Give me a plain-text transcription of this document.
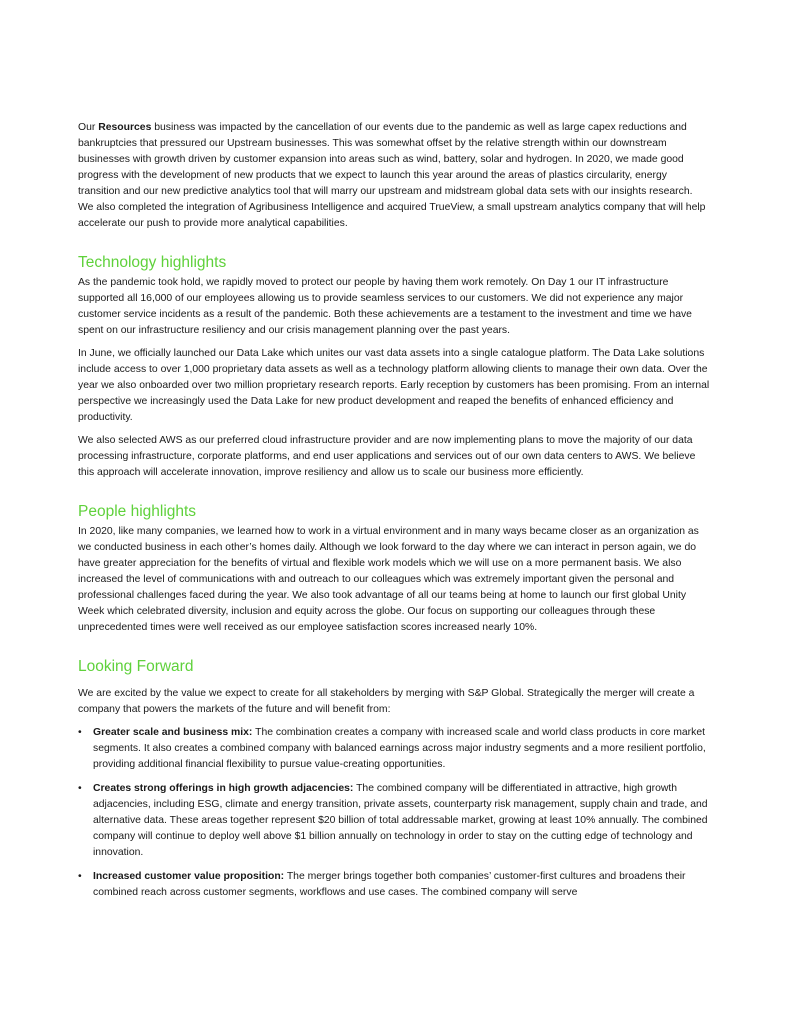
Our Resources business was impacted by the cancellation of our events due to the pandemic as well as large capex reductions and bankruptcies that pressured our Upstream businesses. This was somewhat offset by the relative strength within our downstream businesses with growth driven by customer expansion into areas such as wind, battery, solar and hydrogen. In 2020, we made good progress with the development of new products that we expect to launch this year around the areas of plastics circularity, energy transition and our new predictive analytics tool that will marry our upstream and midstream global data sets with our insights research. We also completed the integration of Agribusiness Intelligence and acquired TrueView, a small upstream analytics company that will help accelerate our push to provide more analytical capabilities.

Technology highlights

As the pandemic took hold, we rapidly moved to protect our people by having them work remotely. On Day 1 our IT infrastructure supported all 16,000 of our employees allowing us to provide seamless services to our customers. We did not experience any major customer service incidents as a result of the pandemic. Both these achievements are a testament to the investment and time we have spent on our infrastructure resiliency and our crisis management planning over the past years.

In June, we officially launched our Data Lake which unites our vast data assets into a single catalogue platform. The Data Lake solutions include access to over 1,000 proprietary data assets as well as a technology platform allowing clients to manage their own data. Over the year we also onboarded over two million proprietary research reports. Early reception by customers has been promising. From an internal perspective we increasingly used the Data Lake for new product development and reaped the benefits of enhanced efficiency and productivity.

We also selected AWS as our preferred cloud infrastructure provider and are now implementing plans to move the majority of our data processing infrastructure, corporate platforms, and end user applications and services out of our own data centers to AWS. We believe this approach will accelerate innovation, improve resiliency and allow us to scale our business more efficiently.

People highlights

In 2020, like many companies, we learned how to work in a virtual environment and in many ways became closer as an organization as we conducted business in each other’s homes daily. Although we look forward to the day where we can interact in person again, we do have greater appreciation for the benefits of virtual and flexible work models which we will use on a more permanent basis. We also increased the level of communications with and outreach to our colleagues which was extremely important given the personal and professional challenges faced during the year. We also took advantage of all our teams being at home to launch our first global Unity Week which celebrated diversity, inclusion and equity across the globe. Our focus on supporting our colleagues through these unprecedented times were well received as our employee satisfaction scores increased nearly 10%.

Looking Forward

We are excited by the value we expect to create for all stakeholders by merging with S&P Global. Strategically the merger will create a company that powers the markets of the future and will benefit from:

• Greater scale and business mix: The combination creates a company with increased scale and world class products in core market segments. It also creates a combined company with balanced earnings across major industry segments and a more resilient portfolio, providing additional financial flexibility to pursue value-creating opportunities.
• Creates strong offerings in high growth adjacencies: The combined company will be differentiated in attractive, high growth adjacencies, including ESG, climate and energy transition, private assets, counterparty risk management, supply chain and trade, and alternative data. These areas together represent $20 billion of total addressable market, growing at least 10% annually. The combined company will continue to deploy well above $1 billion annually on technology in order to stay on the cutting edge of technology and innovation.
• Increased customer value proposition: The merger brings together both companies’ customer-first cultures and broadens their combined reach across customer segments, workflows and use cases. The combined company will serve
